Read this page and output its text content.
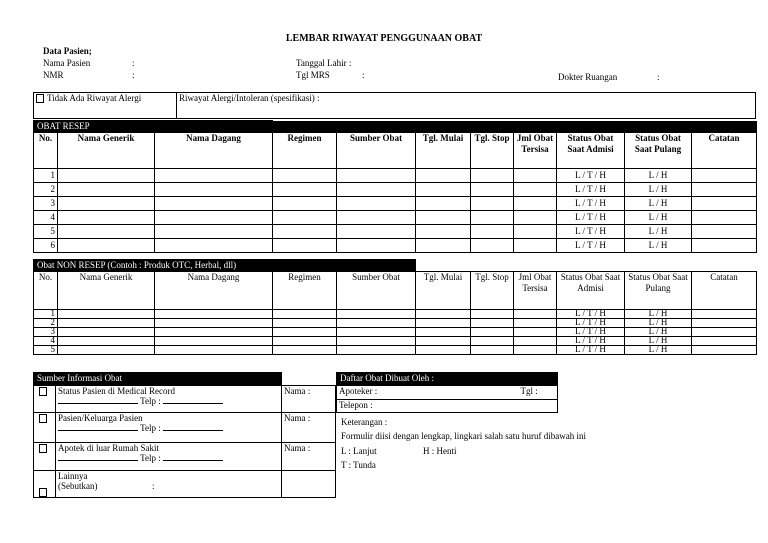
LEMBAR RIWAYAT PENGGUNAAN OBAT
Data Pasien;
Nama Pasien	:
NMR	:
Tanggal Lahir :
Tgl MRS	:	Dokter Ruangan	:
Tidak Ada Riwayat Alergi	Riwayat Alergi/Intoleran (spesifikasi) :
OBAT RESEP										
No.	Nama Generik	Nama Dagang	Regimen	Sumber Obat	Tgl. Mulai	Tgl. Stop	Jml Obat Tersisa	Status Obat Saat Admisi	Status Obat Saat Pulang	Catatan
1								L / T / H	L / H	
2								L / T / H	L / H	
3								L / T / H	L / H	
4								L / T / H	L / H	
5								L / T / H	L / H	
6								L / T / H	L / H	
Obat NON RESEP (Contoh : Produk OTC, Herbal, dll)										
No.	Nama Generik	Nama Dagang	Regimen	Sumber Obat	Tgl. Mulai	Tgl. Stop	Jml Obat Tersisa	Status Obat Saat Admisi	Status Obat Saat Pulang	Catatan
1								L / T / H	L / H	
2								L / T / H	L / H	
3								L / T / H	L / H	
4								L / T / H	L / H	
5								L / T / H	L / H	
Sumber Informasi Obat		

	Status Pasien di Medical Record
Telp :	Nama :

	Pasien/Keluarga Pasien
Telp :	Nama :

	Apotek di luar Rumah Sakit
Telp :	Nama :
	Lainnya (Sebutkan) :	
Daftar Obat Dibuat Oleh :
Apoteker :	Tgl :

Telepon :
Keterangan :
Formulir diisi dengan lengkap, lingkari salah satu huruf dibawah ini
L : Lanjut	H : Henti
T : Tunda
